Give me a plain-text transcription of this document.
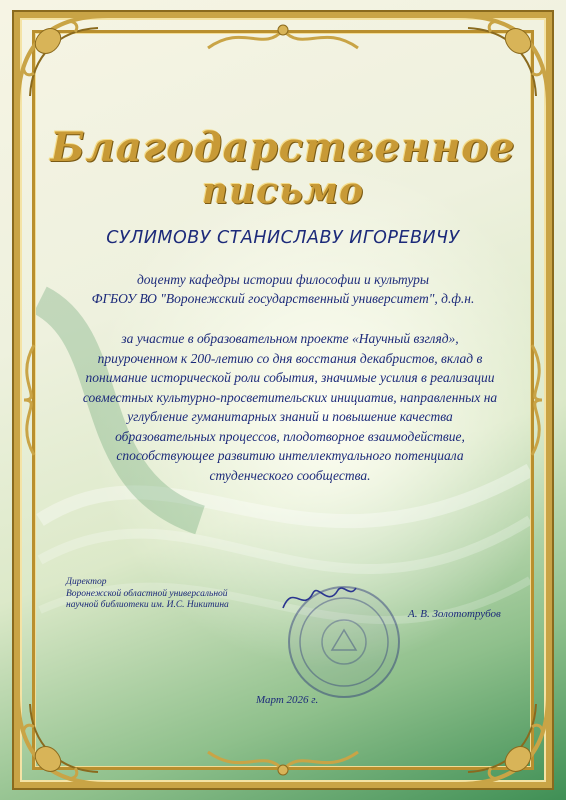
Благодарственное
письмо
СУЛИМОВУ СТАНИСЛАВУ ИГОРЕВИЧУ
доценту кафедры истории философии и культуры
ФГБОУ ВО "Воронежский государственный университет", д.ф.н.
за участие в образовательном проекте «Научный взгляд»,
приуроченном к 200-летию со дня восстания декабристов, вклад в
понимание исторической роли события, значимые усилия в реализации
совместных культурно-просветительских инициатив, направленных на
углубление гуманитарных знаний и повышение качества
образовательных процессов, плодотворное взаимодействие,
способствующее развитию интеллектуального потенциала
студенческого сообщества.
Директор
Воронежской областной универсальной
научной библиотеки им. И.С. Никитина
А. В. Золототрубов
Март 2026 г.
